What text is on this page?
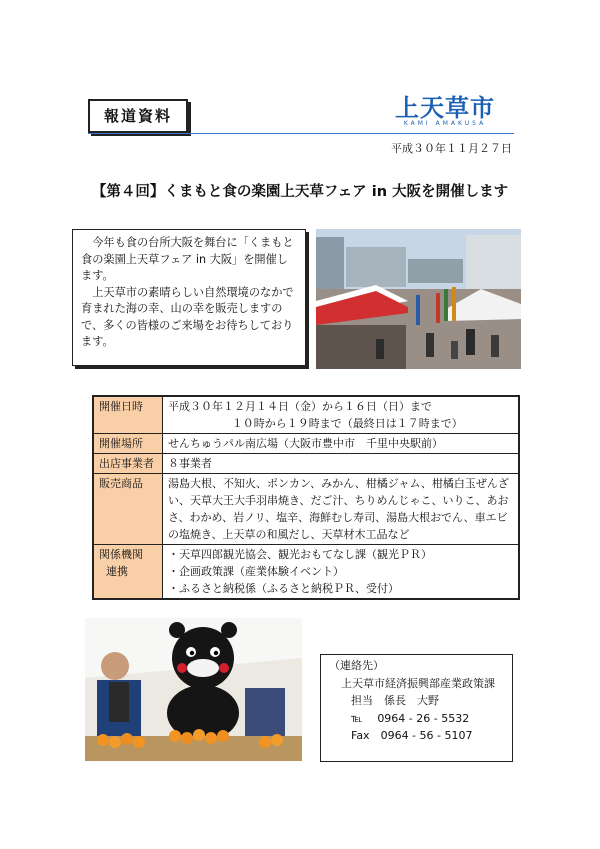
報道資料	上天草市
KAMI AMAKUSA
平成３０年１１月２７日
【第４回】くまもと食の楽園上天草フェア in 大阪を開催します

今年も食の台所大阪を舞台に「くまもと食の楽園上天草フェア in 大阪」を開催します。

上天草市の素晴らしい自然環境のなかで育まれた海の幸、山の幸を販売しますので、多くの皆様のご来場をお待ちしております。

開催日時	平成３０年１２月１４日（金）から１６日（日）まで
１０時から１９時まで（最終日は１７時まで）

開催場所	せんちゅうパル南広場（大阪市豊中市　千里中央駅前）
出店事業者	８事業者
販売商品	湯島大根、不知火、ポンカン、みかん、柑橘ジャム、柑橘白玉ぜんざい、天草大王大手羽串焼き、だご汁、ちりめんじゃこ、いりこ、あおさ、わかめ、岩ノリ、塩辛、海鮮むし寿司、湯島大根おでん、車エビの塩焼き、上天草の和風だし、天草材木工品など

関係機関
連携	・天草四郎観光協会、観光おもてなし課（観光ＰＲ）
・企画政策課（産業体験イベント）
・ふるさと納税係（ふるさと納税ＰＲ、受付）
（連絡先）
上天草市経済振興部産業政策課
担当　係長　大野
℡　 0964 - 26 - 5532
Fax　0964 - 56 - 5107
